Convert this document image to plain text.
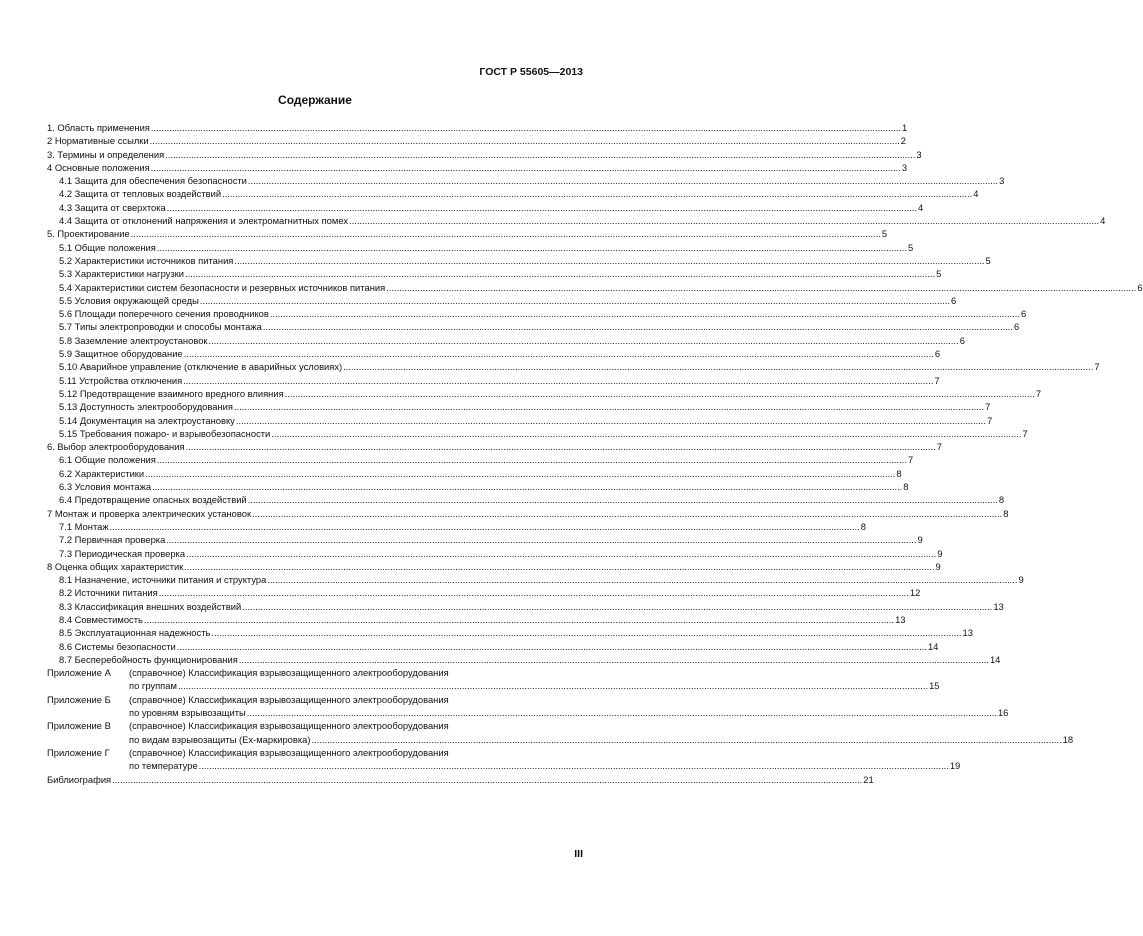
ГОСТ Р 55605—2013
Содержание
1. Область применения .....	1
2 Нормативные ссылки .....	2
3. Термины и определения .....	3
4 Основные положения .....	3
4.1 Защита для обеспечения безопасности .....	3
4.2 Защита от тепловых воздействий .....	4
4.3 Защита от сверхтока .....	4
4.4 Защита от отклонений напряжения и электромагнитных помех .....	4
5. Проектирование .....	5
5.1 Общие положения .....	5
5.2 Характеристики источников питания .....	5
5.3 Характеристики нагрузки .....	5
5.4 Характеристики систем безопасности и резервных источников питания .....	6
5.5 Условия окружающей среды .....	6
5.6 Площади поперечного сечения проводников .....	6
5.7 Типы электропроводки и способы монтажа .....	6
5.8 Заземление электроустановок .....	6
5.9 Защитное оборудование .....	6
5.10 Аварийное управление (отключение в аварийных условиях) .....	7
5.11 Устройства отключения .....	7
5.12 Предотвращение взаимного вредного влияния .....	7
5.13 Доступность электрооборудования .....	7
5.14 Документация на электроустановку .....	7
5.15 Требования пожаро- и взрывобезопасности .....	7
6. Выбор электрооборудования .....	7
6.1 Общие положения .....	7
6.2 Характеристики .....	8
6.3 Условия монтажа .....	8
6.4 Предотвращение опасных воздействий .....	8
7 Монтаж и проверка электрических установок .....	8
7.1 Монтаж .....	8
7.2 Первичная проверка .....	9
7.3 Периодическая проверка .....	9
8 Оценка общих характеристик .....	9
8.1 Назначение, источники питания и структура .....	9
8.2 Источники питания .....	12
8.3 Классификация внешних воздействий .....	13
8.4 Совместимость .....	13
8.5 Эксплуатационная надежность .....	13
8.6 Системы безопасности .....	14
8.7 Бесперебойность функционирования .....	14
Приложение А	(справочное) Классификация взрывозащищенного электрооборудования
по группам .....	15
Приложение Б	(справочное) Классификация взрывозащищенного электрооборудования
по уровням взрывозащиты .....	16
Приложение В	(справочное) Классификация взрывозащищенного электрооборудования
по видам взрывозащиты (Ех-маркировка) .....	18
Приложение Г	(справочное) Классификация взрывозащищенного электрооборудования
по температуре .....	19
Библиография .....	21
III
